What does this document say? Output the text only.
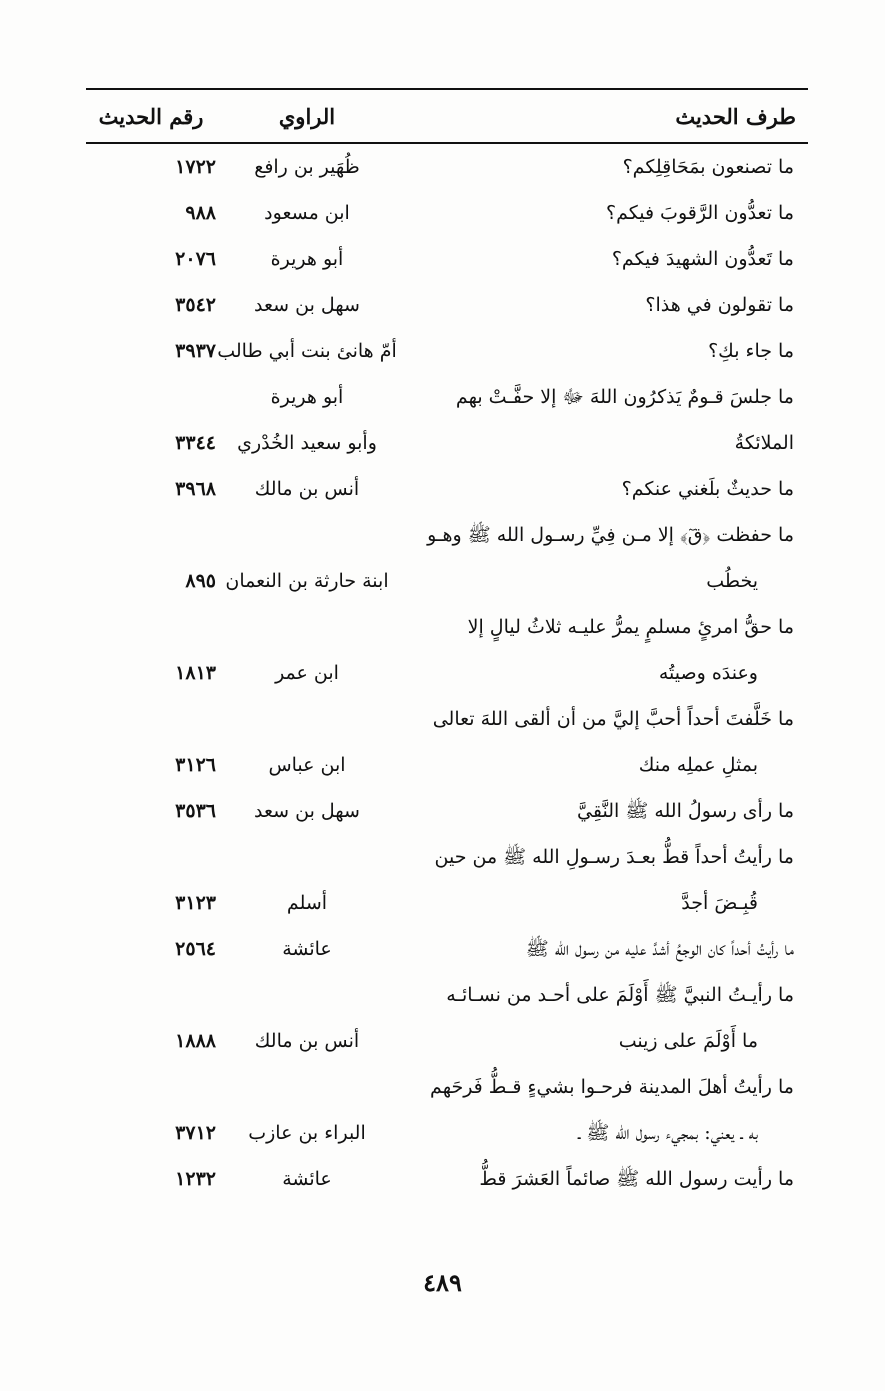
طرف الحديث
الراوي
رقم الحديث
ما تصنعون بمَحَاقِلِكم؟
ظُهَير بن رافع
١٧٢٢
ما تعدُّون الرَّقوبَ فيكم؟
ابن مسعود
٩٨٨
ما تَعدُّون الشهيدَ فيكم؟
أبو هريرة
٢٠٧٦
ما تقولون في هذا؟
سهل بن سعد
٣٥٤٢
ما جاء بكِ؟
أمّ هانئ بنت أبي طالب
٣٩٣٧
ما جلسَ قـومٌ يَذكرُون اللهَ ﷻ إلا حفَّـتْ بهم الملائكةُ
أبو هريرة
وأبو سعيد الخُدْري
٣٣٤٤
ما حديثٌ بلَغني عنكم؟
أنس بن مالك
٣٩٦٨
ما حفظت ﴿قٓ﴾ إلا مـن فِيِّ رسـول الله ﷺ وهـو
يخطُب
ابنة حارثة بن النعمان
٨٩٥
ما حقُّ امرئٍ مسلمٍ يمرُّ عليـه ثلاثُ ليالٍ إلا
وعندَه وصيتُه
ابن عمر
١٨١٣
ما خَلَّفتَ أحداً أحبَّ إليَّ من أن ألقى اللهَ تعالى
بمثلِ عملِه منك
ابن عباس
٣١٢٦
ما رأى رسولُ الله ﷺ النَّقِيَّ
سهل بن سعد
٣٥٣٦
ما رأيتُ أحداً قطُّ بعـدَ رسـولِ الله ﷺ من حين
قُبِـضَ أجدَّ
أسلم
٣١٢٣
ما رأيتُ أحداً كان الوجعُ أشدَّ عليه من رسول الله ﷺ
عائشة
٢٥٦٤
ما رأيـتُ النبيَّ ﷺ أَوْلَمَ على أحـد من نسـائـه
ما أَوْلَمَ على زينب
أنس بن مالك
١٨٨٨
ما رأيتُ أهلَ المدينة فرحـوا بشيءٍ قـطُّ فَرحَهم
به ـ يعني: بمجيء رسول الله ﷺ ـ
البراء بن عازب
٣٧١٢
ما رأيت رسول الله ﷺ صائماً العَشرَ قطُّ
عائشة
١٢٣٢
٤٨٩
